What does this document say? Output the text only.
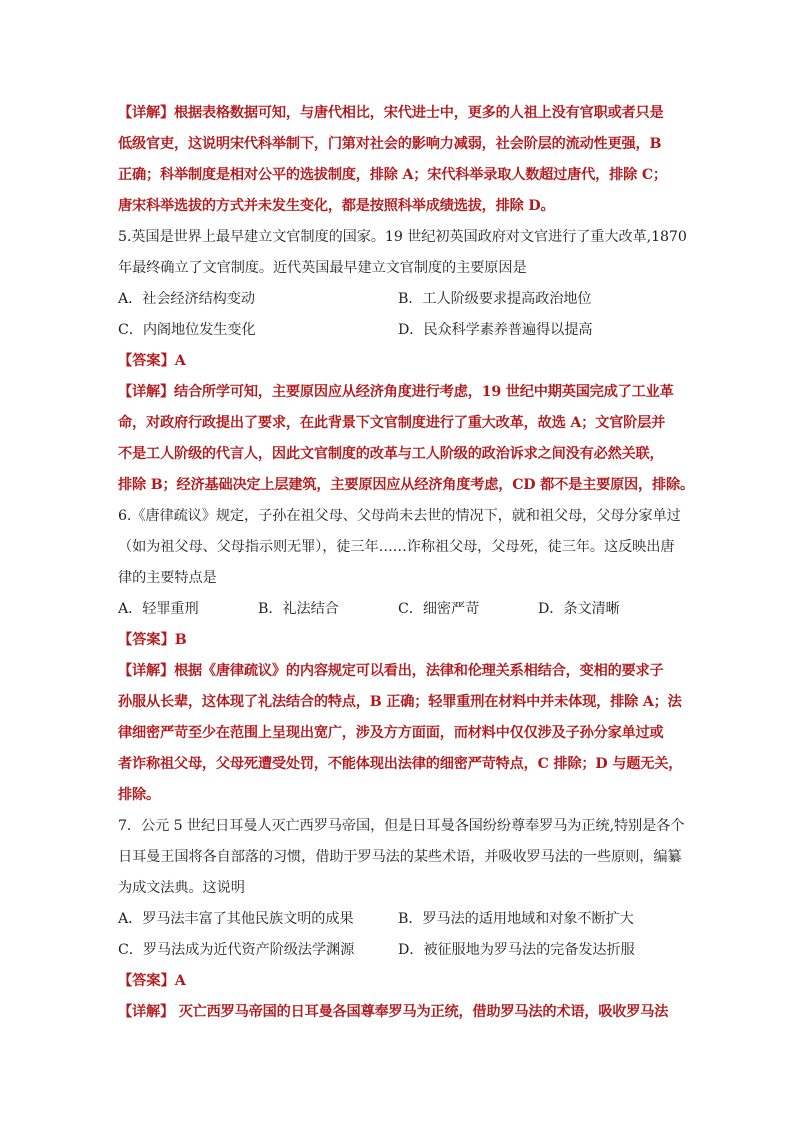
【详解】根据表格数据可知，与唐代相比，宋代进士中，更多的人祖上没有官职或者只是
低级官吏，这说明宋代科举制下，门第对社会的影响力减弱，社会阶层的流动性更强，B
正确；科举制度是相对公平的选拔制度，排除 A；宋代科举录取人数超过唐代，排除 C；
唐宋科举选拔的方式并未发生变化，都是按照科举成绩选拔，排除 D。
5.英国是世界上最早建立文官制度的国家。19 世纪初英国政府对文官进行了重大改革,1870
年最终确立了文官制度。近代英国最早建立文官制度的主要原因是
A．社会经济结构变动	B．工人阶级要求提高政治地位
C．内阁地位发生变化	D．民众科学素养普遍得以提高
【答案】A
【详解】结合所学可知，主要原因应从经济角度进行考虑，19 世纪中期英国完成了工业革
命，对政府行政提出了要求，在此背景下文官制度进行了重大改革，故选 A；文官阶层并
不是工人阶级的代言人，因此文官制度的改革与工人阶级的政治诉求之间没有必然关联，
排除 B；经济基础决定上层建筑，主要原因应从经济角度考虑，CD 都不是主要原因，排除。
6.《唐律疏议》规定，子孙在祖父母、父母尚未去世的情况下，就和祖父母，父母分家单过
（如为祖父母、父母指示则无罪），徒三年……诈称祖父母，父母死，徒三年。这反映出唐
律的主要特点是
A．轻罪重刑	B．礼法结合	C．细密严苛	D．条文清晰
【答案】B
【详解】根据《唐律疏议》的内容规定可以看出，法律和伦理关系相结合，变相的要求子
孙服从长辈，这体现了礼法结合的特点，B 正确；轻罪重刑在材料中并未体现，排除 A；法
律细密严苛至少在范围上呈现出宽广，涉及方方面面，而材料中仅仅涉及子孙分家单过或
者诈称祖父母，父母死遭受处罚，不能体现出法律的细密严苛特点，C 排除；D 与题无关，
排除。
7．公元 5 世纪日耳曼人灭亡西罗马帝国，但是日耳曼各国纷纷尊奉罗马为正统,特别是各个
日耳曼王国将各自部落的习惯，借助于罗马法的某些术语，并吸收罗马法的一些原则，编纂
为成文法典。这说明
A．罗马法丰富了其他民族文明的成果	B．罗马法的适用地域和对象不断扩大
C．罗马法成为近代资产阶级法学渊源	D．被征服地为罗马法的完备发达折服
【答案】A
【详解】 灭亡西罗马帝国的日耳曼各国尊奉罗马为正统，借助罗马法的术语，吸收罗马法
